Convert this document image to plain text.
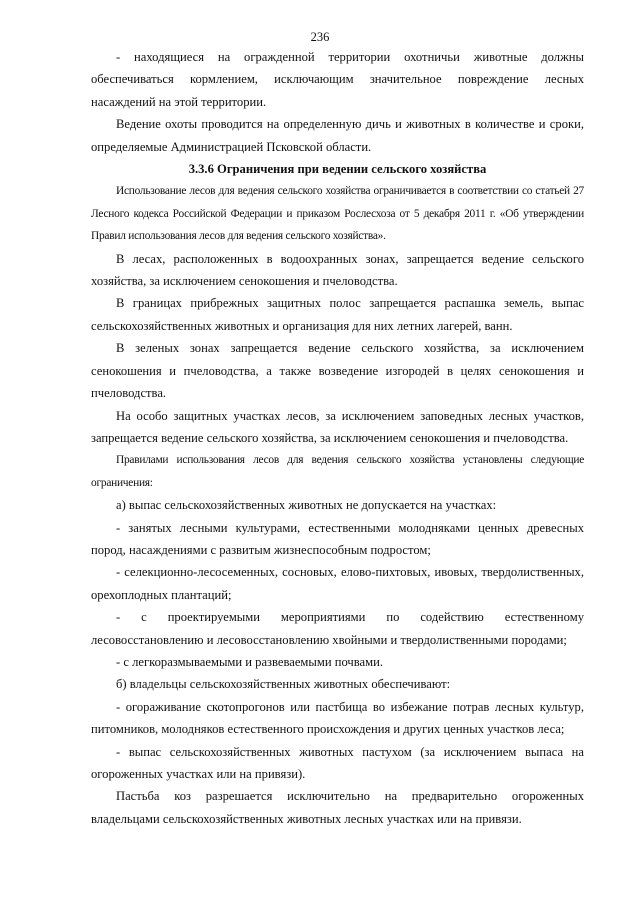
236

- находящиеся на огражденной территории охотничьи животные должны обеспечиваться кормлением, исключающим значительное повреждение лесных насаждений на этой территории.

Ведение охоты проводится на определенную дичь и животных в количестве и сроки, определяемые Администрацией Псковской области.

3.3.6 Ограничения при ведении сельского хозяйства

Использование лесов для ведения сельского хозяйства ограничивается в соответствии со статьей 27 Лесного кодекса Российской Федерации и приказом Рослесхоза от 5 декабря 2011 г. «Об утверждении Правил использования лесов для ведения сельского хозяйства».

В лесах, расположенных в водоохранных зонах, запрещается ведение сельского хозяйства, за исключением сенокошения и пчеловодства.

В границах прибрежных защитных полос запрещается распашка земель, выпас сельскохозяйственных животных и организация для них летних лагерей, ванн.

В зеленых зонах запрещается ведение сельского хозяйства, за исключением сенокошения и пчеловодства, а также возведение изгородей в целях сенокошения и пчеловодства.

На особо защитных участках лесов, за исключением заповедных лесных участков, запрещается ведение сельского хозяйства, за исключением сенокошения и пчеловодства.

Правилами использования лесов для ведения сельского хозяйства установлены следующие ограничения:

а) выпас сельскохозяйственных животных не допускается на участках:

- занятых лесными культурами, естественными молодняками ценных древесных пород, насаждениями с развитым жизнеспособным подростом;

- селекционно-лесосеменных, сосновых, елово-пихтовых, ивовых, твердолиственных, орехоплодных плантаций;

- с проектируемыми мероприятиями по содействию естественному лесовосстановлению и лесовосстановлению хвойными и твердолиственными породами;

- с легкоразмываемыми и развеваемыми почвами.

б) владельцы сельскохозяйственных животных обеспечивают:

- огораживание скотопрогонов или пастбища во избежание потрав лесных культур, питомников, молодняков естественного происхождения и других ценных участков леса;

- выпас сельскохозяйственных животных пастухом (за исключением выпаса на огороженных участках или на привязи).

Пастьба коз разрешается исключительно на предварительно огороженных владельцами сельскохозяйственных животных лесных участках или на привязи.
